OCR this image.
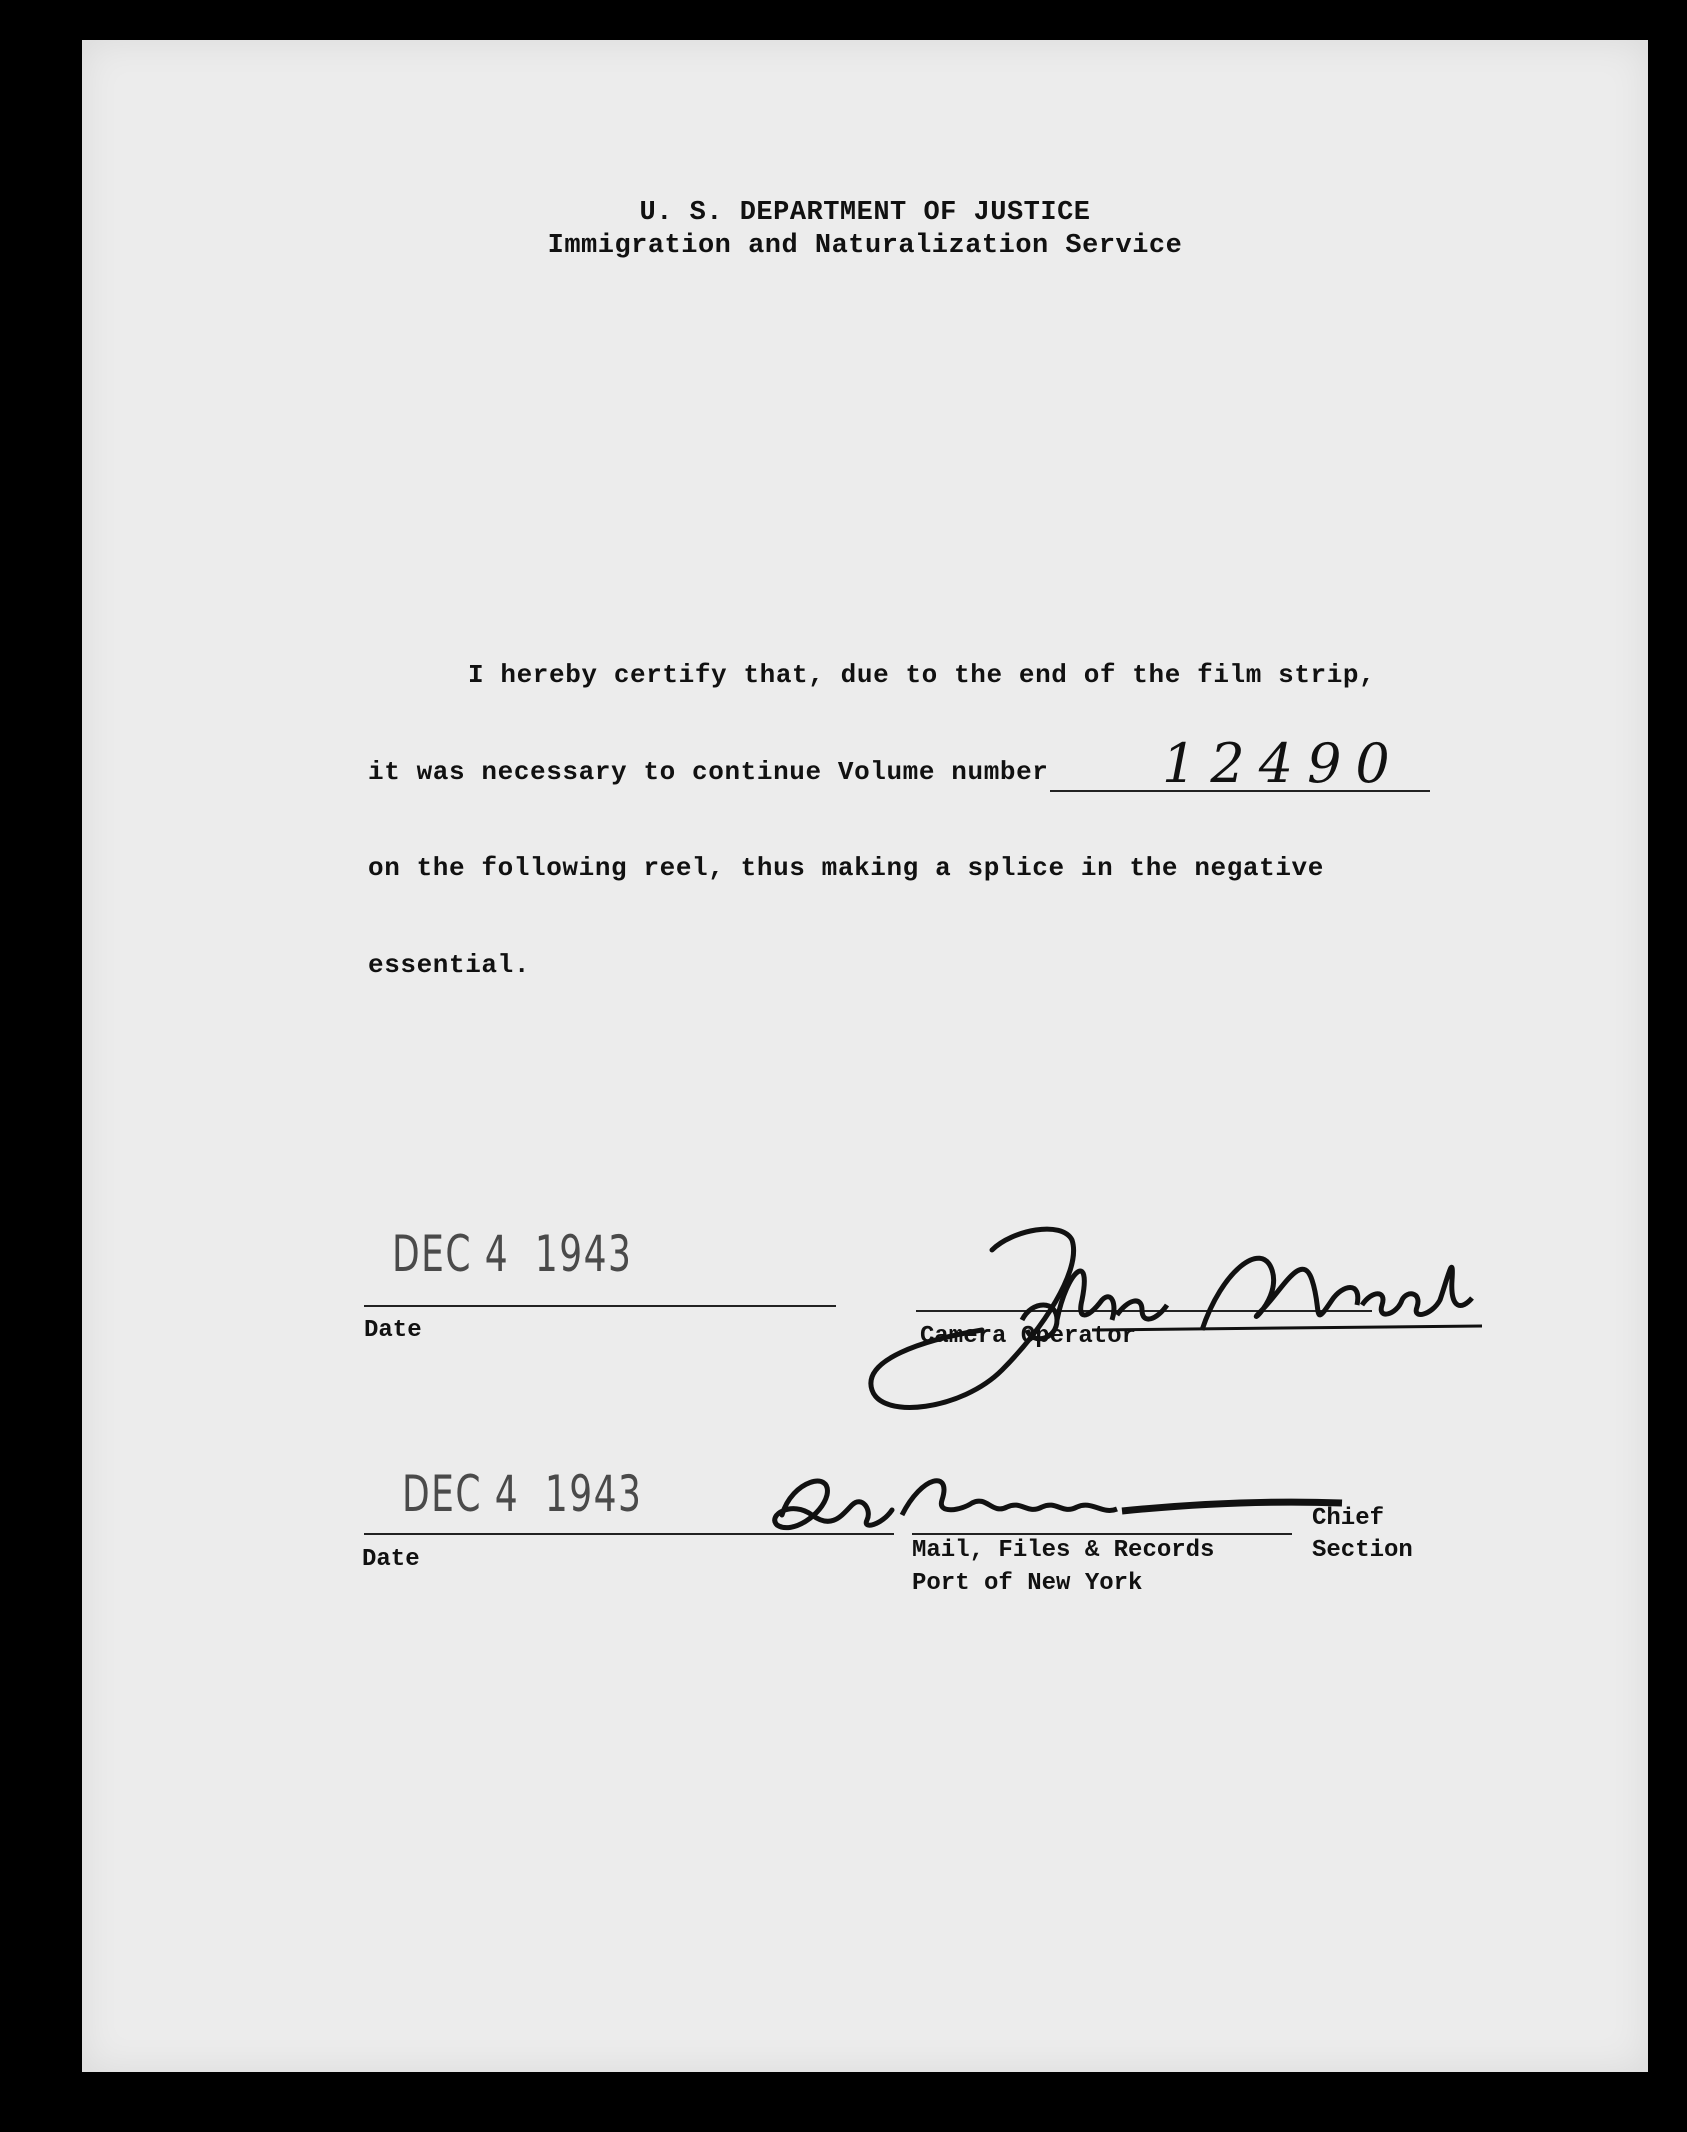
U. S. DEPARTMENT OF JUSTICE
Immigration and Naturalization Service
I hereby certify that, due to the end of the film strip,
it was necessary to continue Volume number 12490
on the following reel, thus making a splice in the negative
essential.
DEC 4  1943
Date	Camera Operator
DEC 4  1943
Date
Chief
Mail, Files & Records	Section
Port of New York
